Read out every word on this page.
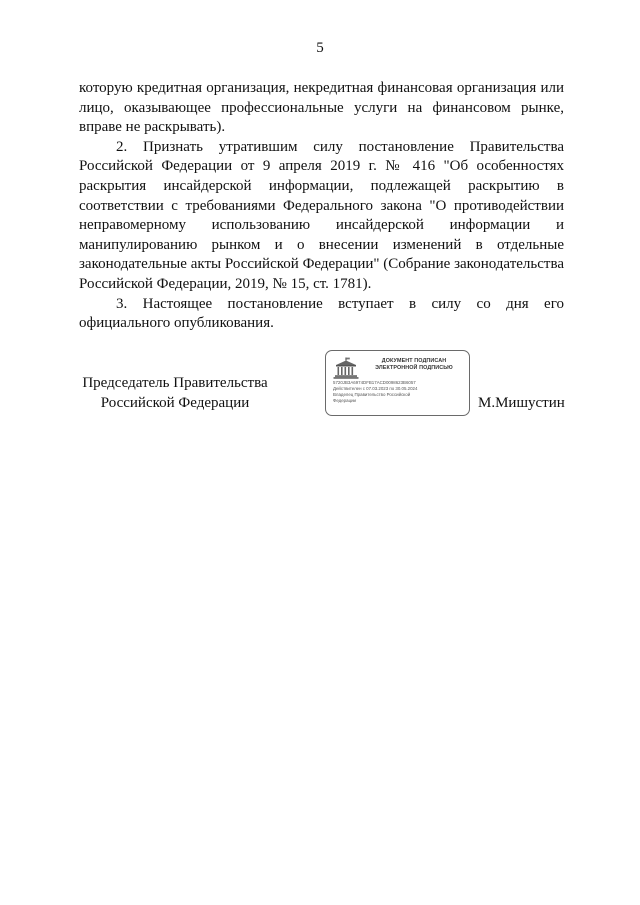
5

которую кредитная организация, некредитная финансовая организация или лицо, оказывающее профессиональные услуги на финансовом рынке, вправе не раскрывать).

2. Признать утратившим силу постановление Правительства Российской Федерации от 9 апреля 2019 г. № 416 "Об особенностях раскрытия инсайдерской информации, подлежащей раскрытию в соответствии с требованиями Федерального закона "О противодействии неправомерному использованию инсайдерской информации и манипулированию рынком и о внесении изменений в отдельные законодательные акты Российской Федерации" (Собрание законодательства Российской Федерации, 2019, № 15, ст. 1781).

3. Настоящее постановление вступает в силу со дня его официального опубликования.

Председатель Правительства
Российской Федерации
ДОКУМЕНТ ПОДПИСАН
ЭЛЕКТРОННОЙ ПОДПИСЬЮ
5720JB3A6974DFB17ACD0098623B6057
Действителен с 07.03.2023 по 30.05.2024
Владелец Правительство Российской
Федерации	М.Мишустин
